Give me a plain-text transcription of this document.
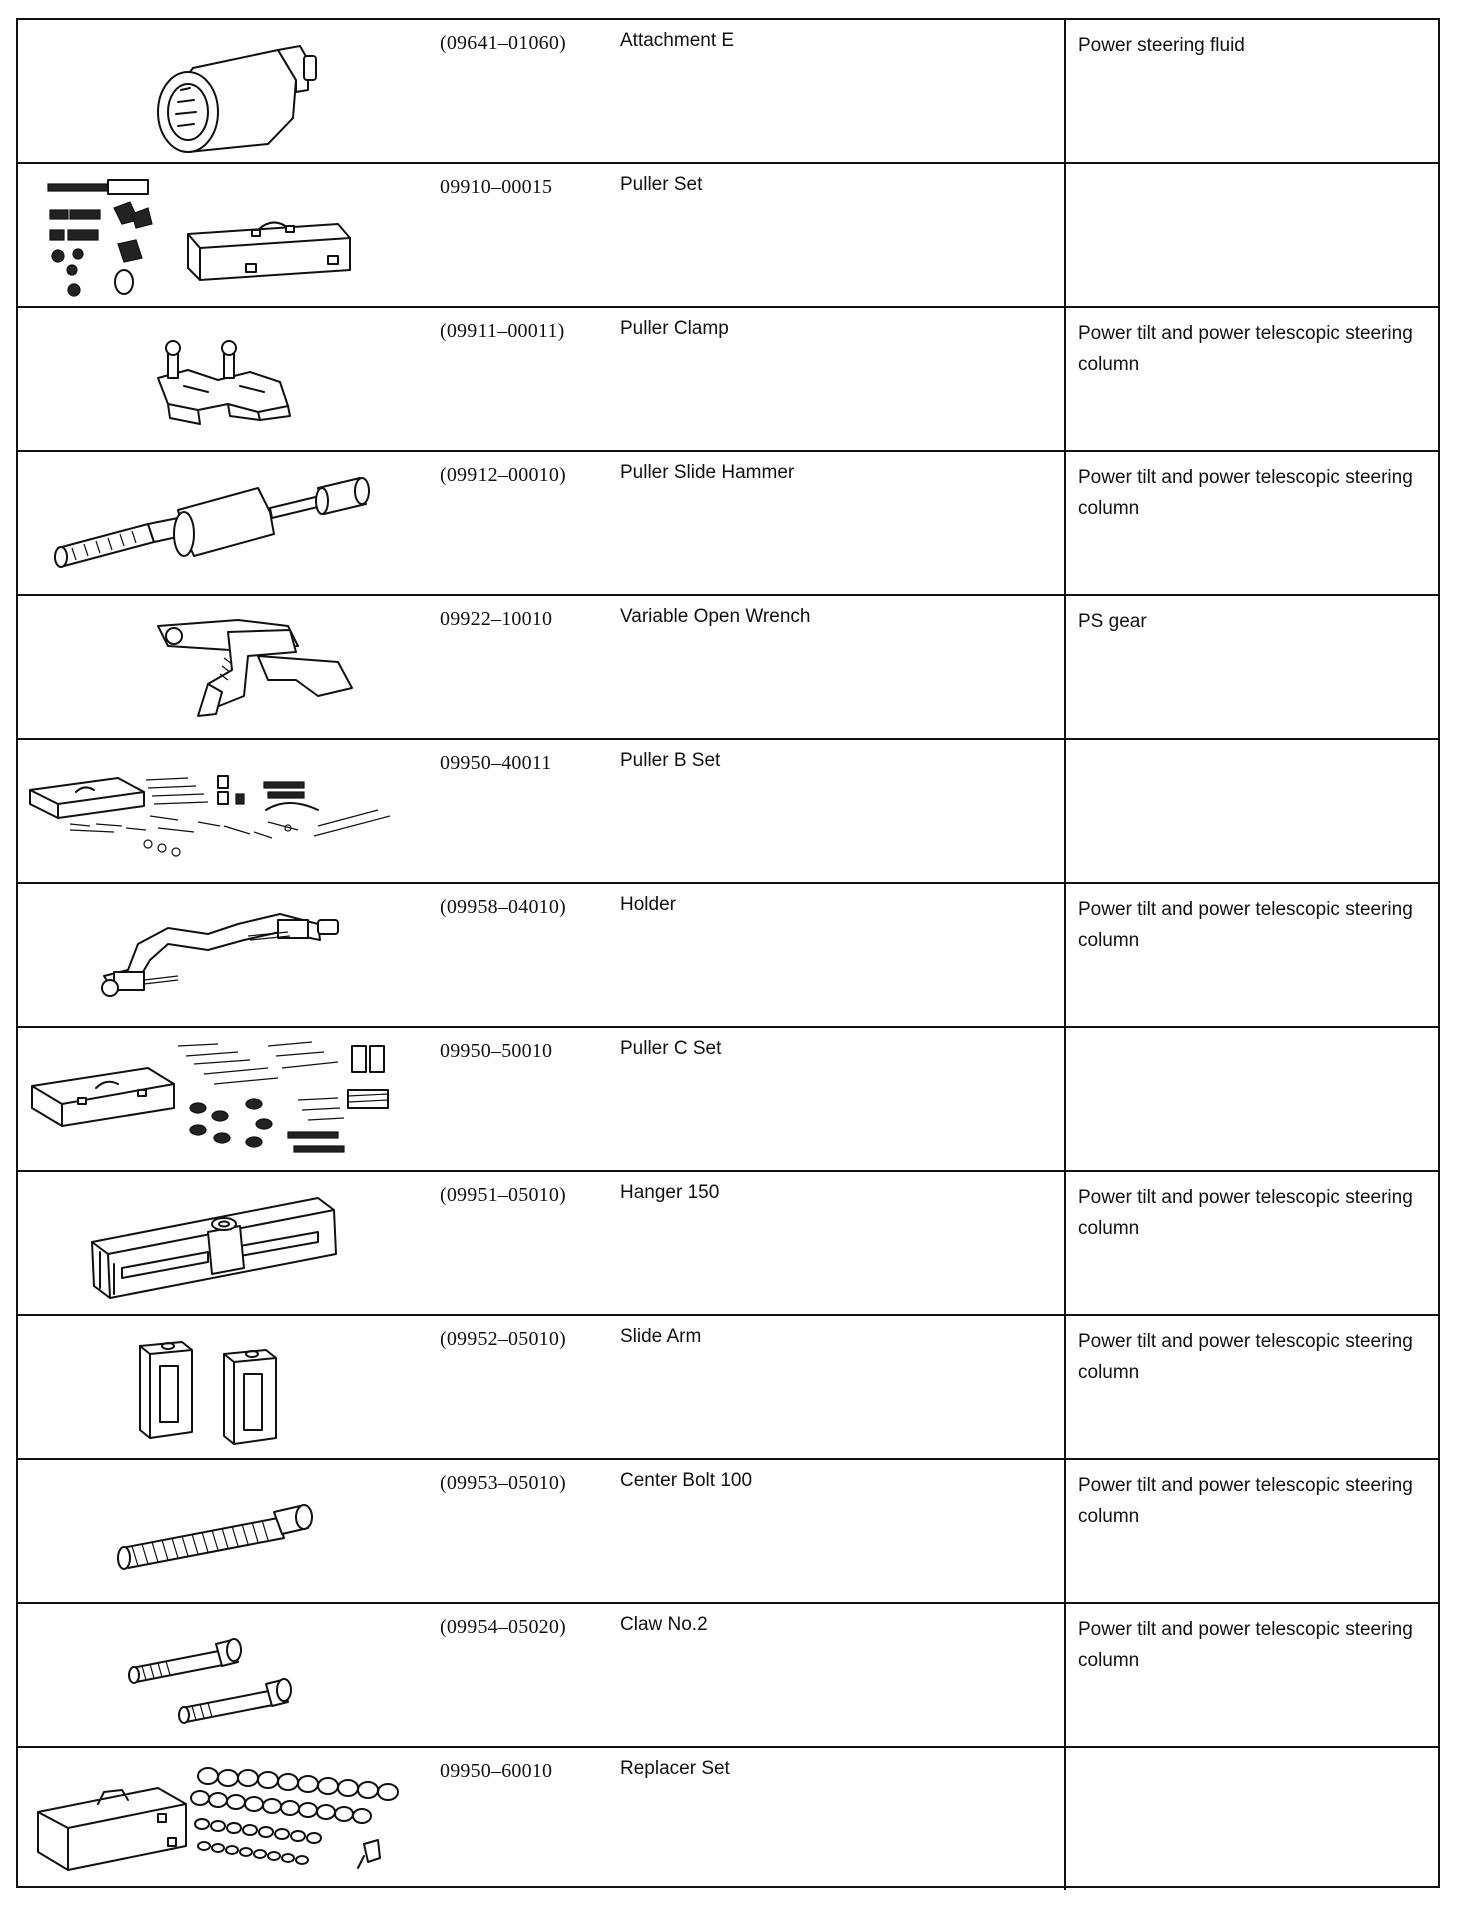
(09641–01060)	Attachment E	Power steering fluid
09910–00015	Puller Set
(09911–00011)	Puller Clamp	Power tilt and power telescopic steering column
(09912–00010)	Puller Slide Hammer	Power tilt and power telescopic steering column
09922–10010	Variable Open Wrench	PS gear
09950–40011	Puller B Set
(09958–04010)	Holder	Power tilt and power telescopic steering column
09950–50010	Puller C Set
(09951–05010)	Hanger 150	Power tilt and power telescopic steering column
(09952–05010)	Slide Arm	Power tilt and power telescopic steering column
(09953–05010)	Center Bolt 100	Power tilt and power telescopic steering column
(09954–05020)	Claw No.2	Power tilt and power telescopic steering column
09950–60010	Replacer Set
